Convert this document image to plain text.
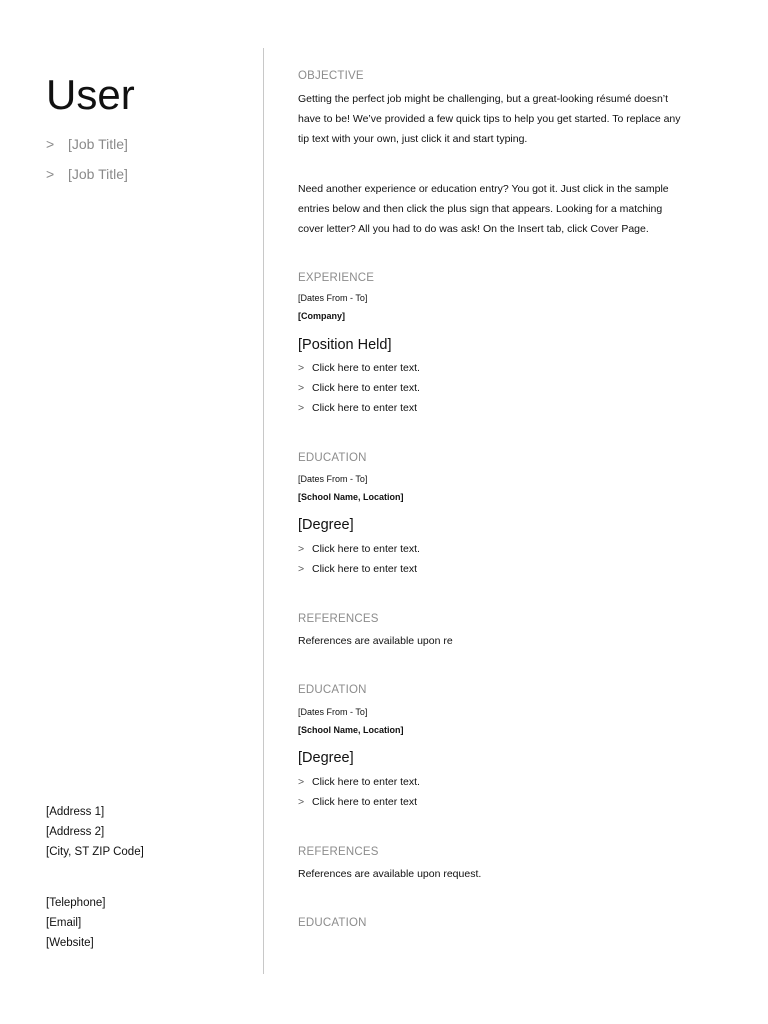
User
> [Job Title]
> [Job Title]
[Address 1]
[Address 2]
[City, ST ZIP Code]
[Telephone]
[Email]
[Website]
OBJECTIVE
Getting the perfect job might be challenging, but a great-looking résumé doesn’t
have to be! We’ve provided a few quick tips to help you get started. To replace any
tip text with your own, just click it and start typing.
Need another experience or education entry? You got it. Just click in the sample
entries below and then click the plus sign that appears. Looking for a matching
cover letter? All you had to do was ask! On the Insert tab, click Cover Page.
EXPERIENCE
[Dates From - To]
[Company]
[Position Held]
> Click here to enter text.
> Click here to enter text.
> Click here to enter text
EDUCATION
[Dates From - To]
[School Name, Location]
[Degree]
> Click here to enter text.
> Click here to enter text
REFERENCES
References are available upon re
EDUCATION
[Dates From - To]
[School Name, Location]
[Degree]
> Click here to enter text.
> Click here to enter text
REFERENCES
References are available upon request.
EDUCATION
